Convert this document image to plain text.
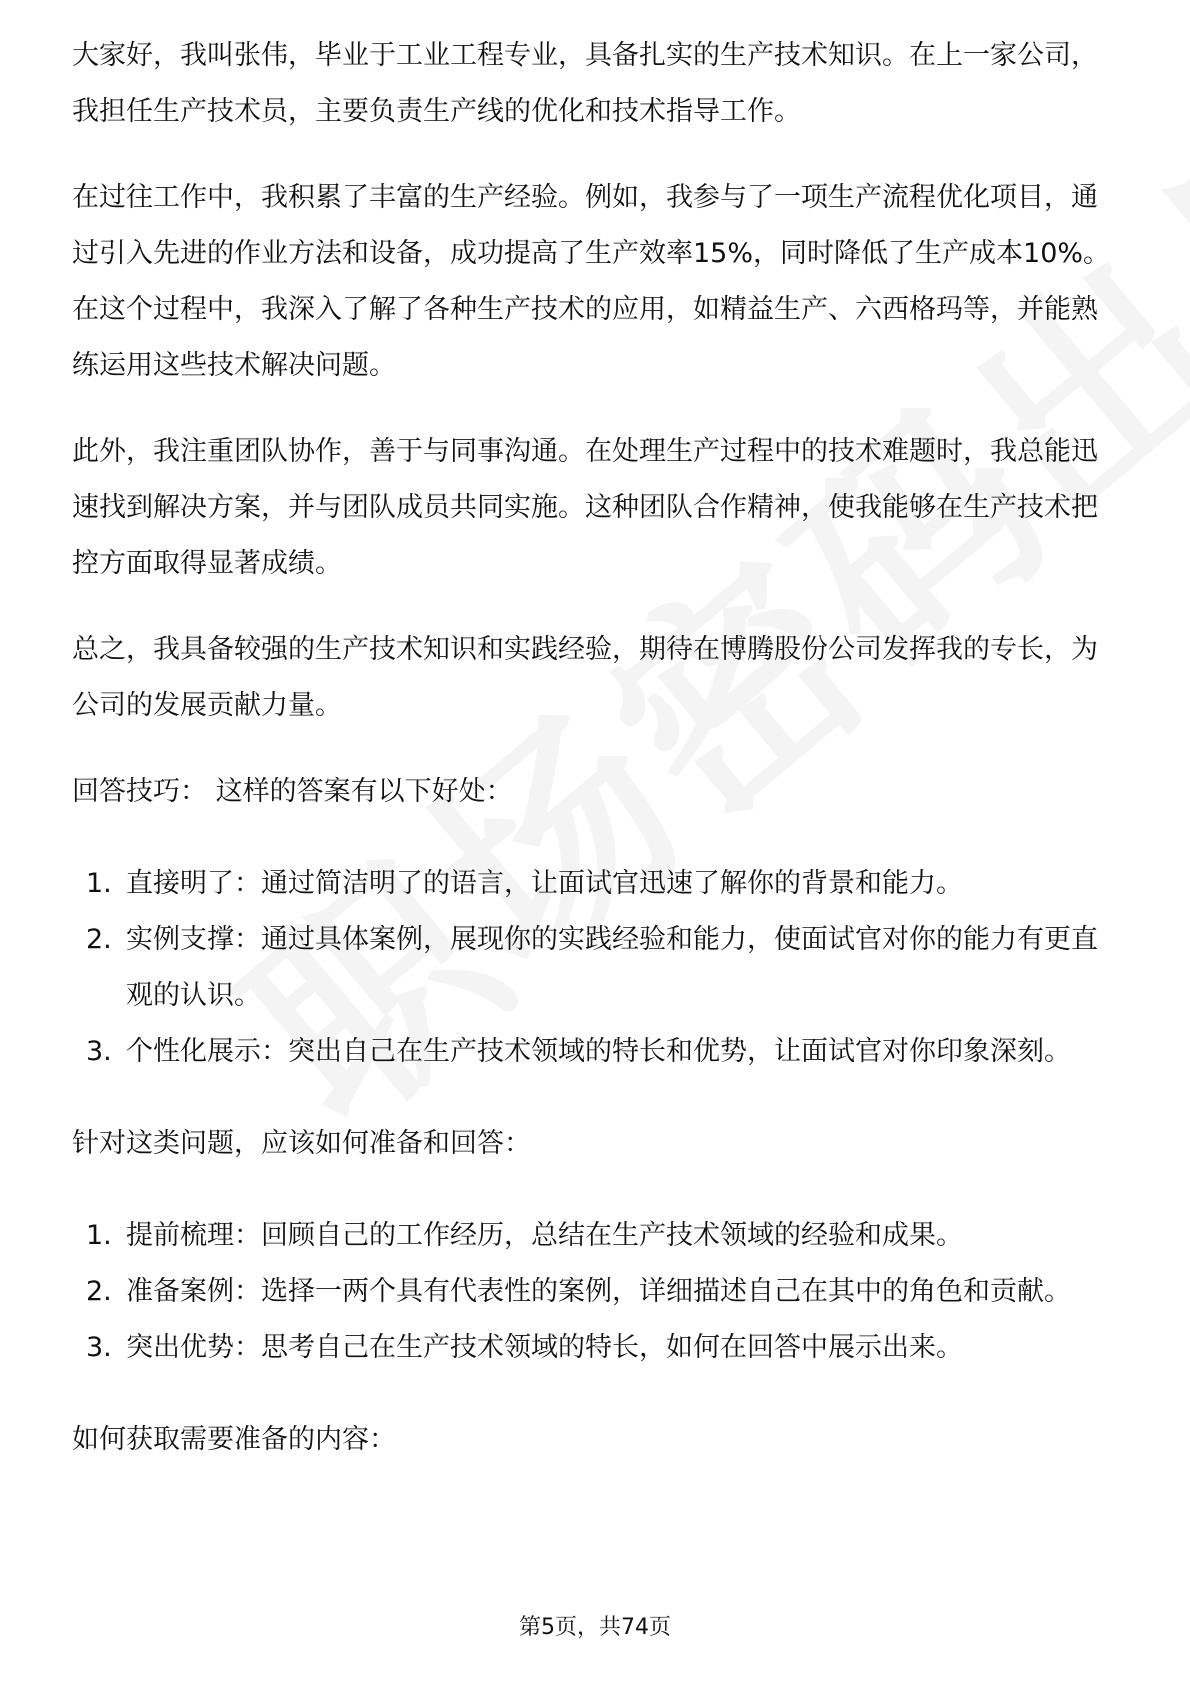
大家好，我叫张伟，毕业于工业工程专业，具备扎实的生产技术知识。在上一家公司，我担任生产技术员，主要负责生产线的优化和技术指导工作。

在过往工作中，我积累了丰富的生产经验。例如，我参与了一项生产流程优化项目，通过引入先进的作业方法和设备，成功提高了生产效率15%，同时降低了生产成本10%。在这个过程中，我深入了解了各种生产技术的应用，如精益生产、六西格玛等，并能熟练运用这些技术解决问题。

此外，我注重团队协作，善于与同事沟通。在处理生产过程中的技术难题时，我总能迅速找到解决方案，并与团队成员共同实施。这种团队合作精神，使我能够在生产技术把控方面取得显著成绩。

总之，我具备较强的生产技术知识和实践经验，期待在博腾股份公司发挥我的专长，为公司的发展贡献力量。

回答技巧： 这样的答案有以下好处：

1. 直接明了：通过简洁明了的语言，让面试官迅速了解你的背景和能力。
2. 实例支撑：通过具体案例，展现你的实践经验和能力，使面试官对你的能力有更直观的认识。
3. 个性化展示：突出自己在生产技术领域的特长和优势，让面试官对你印象深刻。

针对这类问题，应该如何准备和回答：

1. 提前梳理：回顾自己的工作经历，总结在生产技术领域的经验和成果。
2. 准备案例：选择一两个具有代表性的案例，详细描述自己在其中的角色和贡献。
3. 突出优势：思考自己在生产技术领域的特长，如何在回答中展示出来。

如何获取需要准备的内容：

第5页，共74页
